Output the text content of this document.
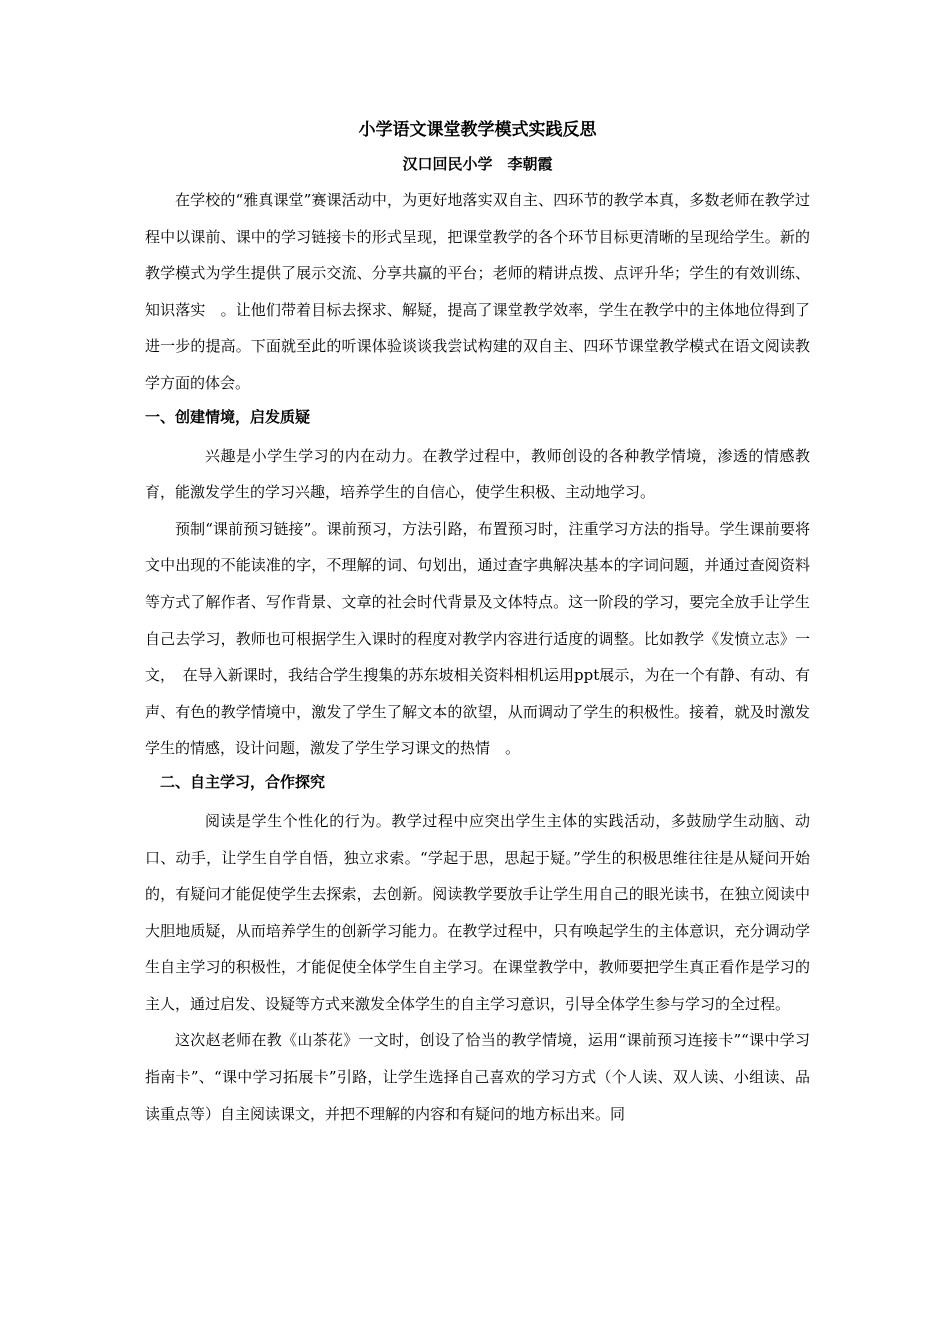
小学语文课堂教学模式实践反思

汉口回民小学　李朝霞

在学校的“雅真课堂”赛课活动中，为更好地落实双自主、四环节的教学本真，多数老师在教学过程中以课前、课中的学习链接卡的形式呈现，把课堂教学的各个环节目标更清晰的呈现给学生。新的教学模式为学生提供了展示交流、分享共赢的平台；老师的精讲点拨、点评升华；学生的有效训练、知识落实　。让他们带着目标去探求、解疑，提高了课堂教学效率，学生在教学中的主体地位得到了进一步的提高。下面就至此的听课体验谈谈我尝试构建的双自主、四环节课堂教学模式在语文阅读教学方面的体会。

一、创建情境，启发质疑

兴趣是小学生学习的内在动力。在教学过程中，教师创设的各种教学情境，渗透的情感教育，能激发学生的学习兴趣，培养学生的自信心，使学生积极、主动地学习。

预制“课前预习链接”。课前预习，方法引路，布置预习时，注重学习方法的指导。学生课前要将文中出现的不能读准的字，不理解的词、句划出，通过查字典解决基本的字词问题，并通过查阅资料等方式了解作者、写作背景、文章的社会时代背景及文体特点。这一阶段的学习，要完全放手让学生自己去学习，教师也可根据学生入课时的程度对教学内容进行适度的调整。比如教学《发愤立志》一文，　在导入新课时，我结合学生搜集的苏东坡相关资料相机运用ppt展示，为在一个有静、有动、有声、有色的教学情境中，激发了学生了解文本的欲望，从而调动了学生的积极性。接着，就及时激发学生的情感，设计问题，激发了学生学习课文的热情　。

二、自主学习，合作探究

阅读是学生个性化的行为。教学过程中应突出学生主体的实践活动，多鼓励学生动脑、动口、动手，让学生自学自悟，独立求索。“学起于思，思起于疑。”学生的积极思维往往是从疑问开始的，有疑问才能促使学生去探索，去创新。阅读教学要放手让学生用自己的眼光读书，在独立阅读中大胆地质疑，从而培养学生的创新学习能力。在教学过程中，只有唤起学生的主体意识，充分调动学生自主学习的积极性，才能促使全体学生自主学习。在课堂教学中，教师要把学生真正看作是学习的主人，通过启发、设疑等方式来激发全体学生的自主学习意识，引导全体学生参与学习的全过程。

这次赵老师在教《山茶花》一文时，创设了恰当的教学情境，运用“课前预习连接卡”“课中学习指南卡”、“课中学习拓展卡”引路，让学生选择自己喜欢的学习方式（个人读、双人读、小组读、品读重点等）自主阅读课文，并把不理解的内容和有疑问的地方标出来。同
